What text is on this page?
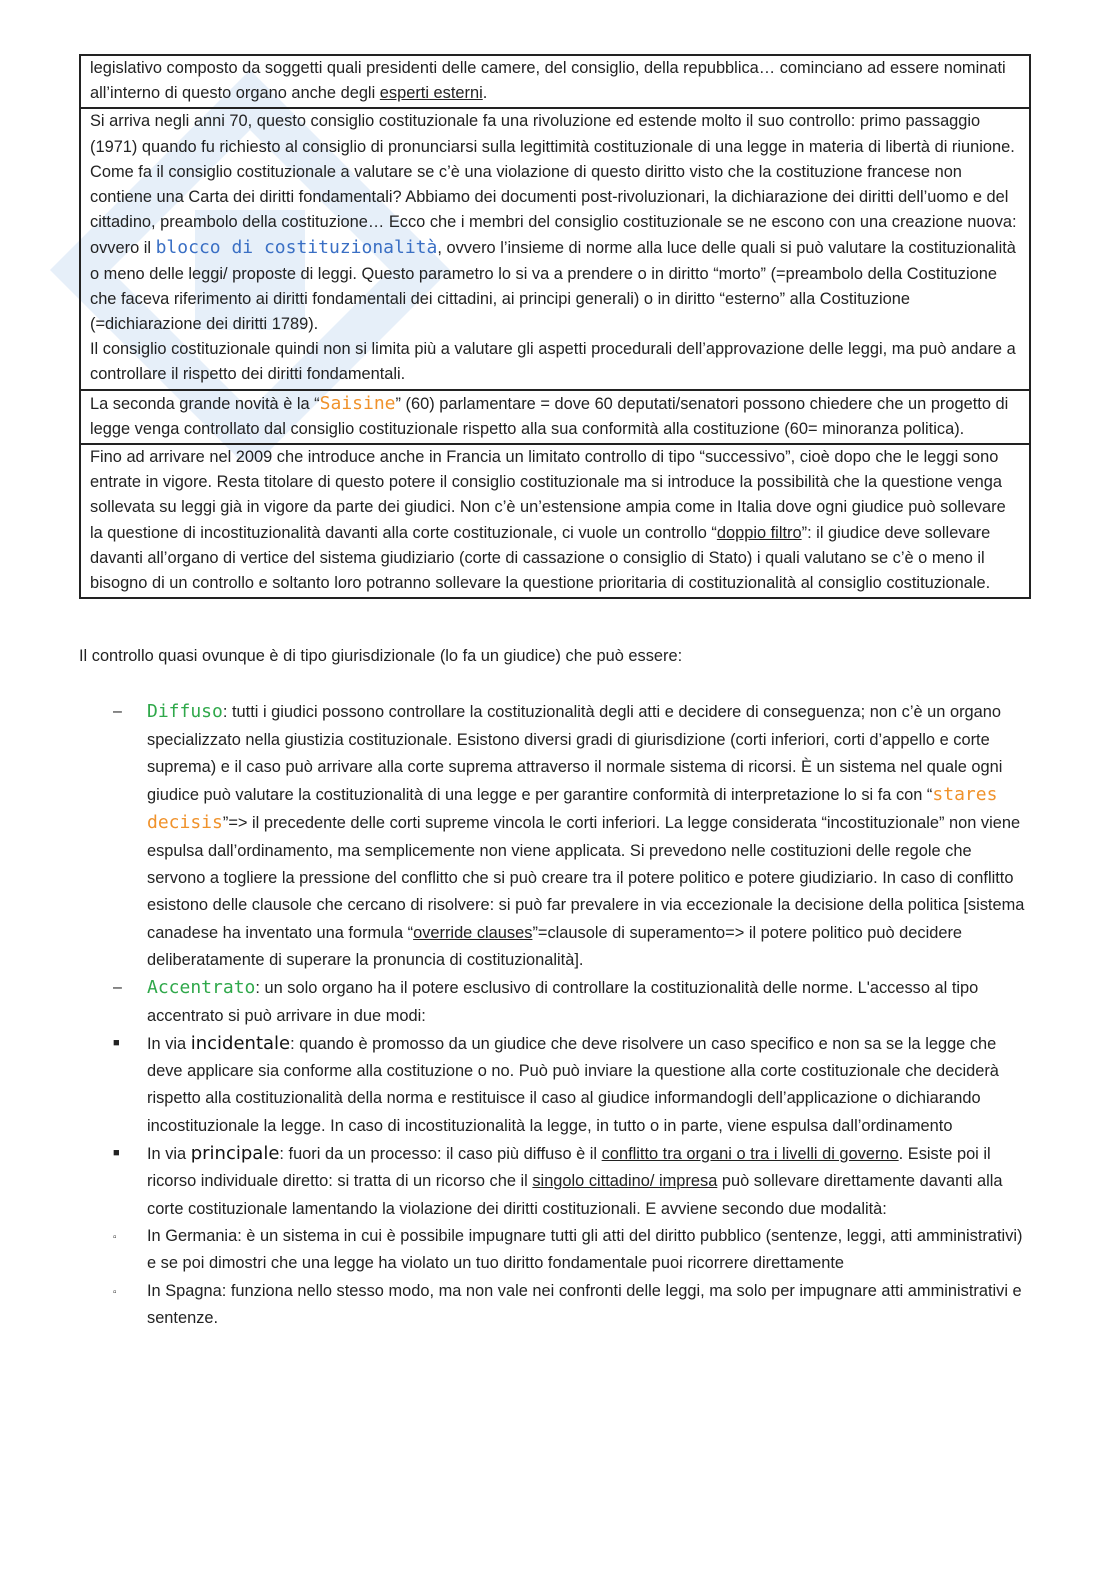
legislativo composto da soggetti quali presidenti delle camere, del consiglio, della repubblica… cominciano ad essere nominati all’interno di questo organo anche degli esperti esterni.
Si arriva negli anni 70, questo consiglio costituzionale fa una rivoluzione ed estende molto il suo controllo: primo passaggio (1971) quando fu richiesto al consiglio di pronunciarsi sulla legittimità costituzionale di una legge in materia di libertà di riunione. Come fa il consiglio costituzionale a valutare se c’è una violazione di questo diritto visto che la costituzione francese non contiene una Carta dei diritti fondamentali? Abbiamo dei documenti post-rivoluzionari, la dichiarazione dei diritti dell’uomo e del cittadino, preambolo della costituzione… Ecco che i membri del consiglio costituzionale se ne escono con una creazione nuova: ovvero il blocco di costituzionalità, ovvero l’insieme di norme alla luce delle quali si può valutare la costituzionalità o meno delle leggi/ proposte di leggi. Questo parametro lo si va a prendere o in diritto “morto” (=preambolo della Costituzione che faceva riferimento ai diritti fondamentali dei cittadini, ai principi generali) o in diritto “esterno” alla Costituzione (=dichiarazione dei diritti 1789).
Il consiglio costituzionale quindi non si limita più a valutare gli aspetti procedurali dell’approvazione delle leggi, ma può andare a controllare il rispetto dei diritti fondamentali.
La seconda grande novità è la “Saisine” (60) parlamentare = dove 60 deputati/senatori possono chiedere che un progetto di legge venga controllato dal consiglio costituzionale rispetto alla sua conformità alla costituzione (60= minoranza politica).
Fino ad arrivare nel 2009 che introduce anche in Francia un limitato controllo di tipo “successivo”, cioè dopo che le leggi sono entrate in vigore. Resta titolare di questo potere il consiglio costituzionale ma si introduce la possibilità che la questione venga sollevata su leggi già in vigore da parte dei giudici. Non c’è un’estensione ampia come in Italia dove ogni giudice può sollevare la questione di incostituzionalità davanti alla corte costituzionale, ci vuole un controllo “doppio filtro”: il giudice deve sollevare davanti all’organo di vertice del sistema giudiziario (corte di cassazione o consiglio di Stato) i quali valutano se c’è o meno il bisogno di un controllo e soltanto loro potranno sollevare la questione prioritaria di costituzionalità al consiglio costituzionale.
Il controllo quasi ovunque è di tipo giurisdizionale (lo fa un giudice) che può essere:
– Diffuso: tutti i giudici possono controllare la costituzionalità degli atti e decidere di conseguenza; non c’è un organo specializzato nella giustizia costituzionale. Esistono diversi gradi di giurisdizione (corti inferiori, corti d’appello e corte suprema) e il caso può arrivare alla corte suprema attraverso il normale sistema di ricorsi. È un sistema nel quale ogni giudice può valutare la costituzionalità di una legge e per garantire conformità di interpretazione lo si fa con “stares decisis”=> il precedente delle corti supreme vincola le corti inferiori. La legge considerata “incostituzionale” non viene espulsa dall’ordinamento, ma semplicemente non viene applicata. Si prevedono nelle costituzioni delle regole che servono a togliere la pressione del conflitto che si può creare tra il potere politico e potere giudiziario. In caso di conflitto esistono delle clausole che cercano di risolvere: si può far prevalere in via eccezionale la decisione della politica [sistema canadese ha inventato una formula “override clauses”=clausole di superamento=> il potere politico può decidere deliberatamente di superare la pronuncia di costituzionalità].
– Accentrato: un solo organo ha il potere esclusivo di controllare la costituzionalità delle norme. L'accesso al tipo accentrato si può arrivare in due modi:
■ In via incidentale: quando è promosso da un giudice che deve risolvere un caso specifico e non sa se la legge che deve applicare sia conforme alla costituzione o no. Può può inviare la questione alla corte costituzionale che deciderà rispetto alla costituzionalità della norma e restituisce il caso al giudice informandogli dell’applicazione o dichiarando incostituzionale la legge. In caso di incostituzionalità la legge, in tutto o in parte, viene espulsa dall’ordinamento
■ In via principale: fuori da un processo: il caso più diffuso è il conflitto tra organi o tra i livelli di governo. Esiste poi il ricorso individuale diretto: si tratta di un ricorso che il singolo cittadino/ impresa può sollevare direttamente davanti alla corte costituzionale lamentando la violazione dei diritti costituzionali. E avviene secondo due modalità:
▫ In Germania: è un sistema in cui è possibile impugnare tutti gli atti del diritto pubblico (sentenze, leggi, atti amministrativi) e se poi dimostri che una legge ha violato un tuo diritto fondamentale puoi ricorrere direttamente
▫ In Spagna: funziona nello stesso modo, ma non vale nei confronti delle leggi, ma solo per impugnare atti amministrativi e sentenze.
